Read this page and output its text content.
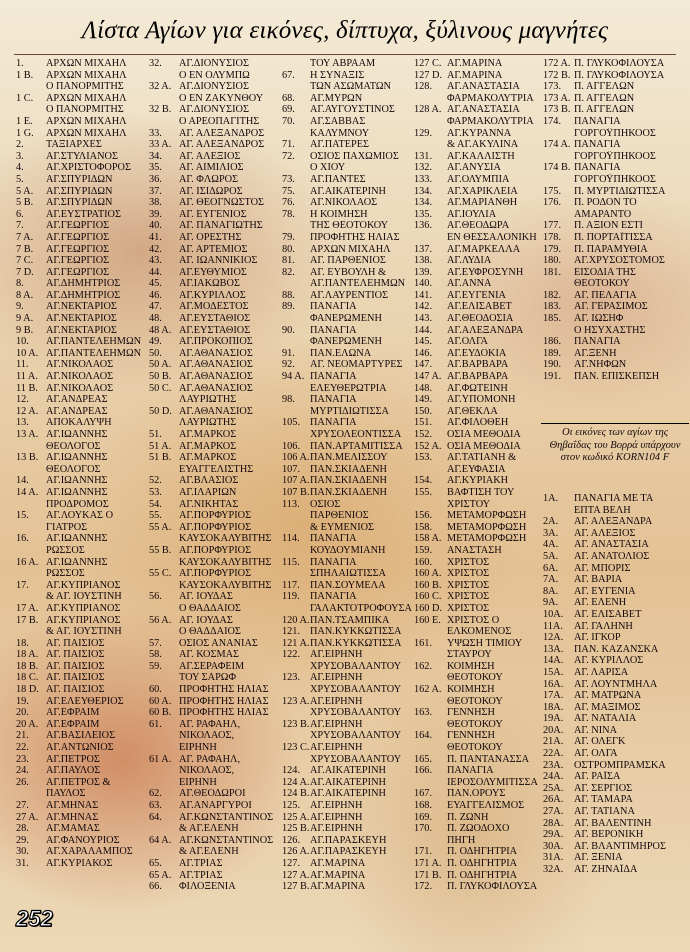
Λίστα Αγίων για εικόνες, δίπτυχα, ξύλινους μαγνήτες
1.	ΑΡΧΩΝ ΜΙΧΑΗΛ
1 B.	ΑΡΧΩΝ ΜΙΧΑΗΛ
Ο ΠΑΝΟΡΜΙΤΗΣ
1 C.	ΑΡΧΩΝ ΜΙΧΑΗΛ
Ο ΠΑΝΟΡΜΙΤΗΣ
1 E.	ΑΡΧΩΝ ΜΙΧΑΗΛ
1 G.	ΑΡΧΩΝ ΜΙΧΑΗΛ
2.	ΤΑΞΙΑΡΧΕΣ
3.	ΑΓ.ΣΤΥΛΙΑΝΟΣ
4.	ΑΓ.ΧΡΙΣΤΟΦΟΡΟΣ
5.	ΑΓ.ΣΠΥΡΙΔΩΝ
5 A.	ΑΓ.ΣΠΥΡΙΔΩΝ
5 B.	ΑΓ.ΣΠΥΡΙΔΩΝ
6.	ΑΓ.ΕΥΣΤΡΑΤΙΟΣ
7.	ΑΓ.ΓΕΩΡΓΙΟΣ
7 A.	ΑΓ.ΓΕΩΡΓΙΟΣ
7 B.	ΑΓ.ΓΕΩΡΓΙΟΣ
7 C.	ΑΓ.ΓΕΩΡΓΙΟΣ
7 D.	ΑΓ.ΓΕΩΡΓΙΟΣ
8.	ΑΓ.ΔΗΜΗΤΡΙΟΣ
8 A.	ΑΓ.ΔΗΜΗΤΡΙΟΣ
9.	ΑΓ.ΝΕΚΤΑΡΙΟΣ
9 A.	ΑΓ.ΝΕΚΤΑΡΙΟΣ
9 B.	ΑΓ.ΝΕΚΤΑΡΙΟΣ
10.	ΑΓ.ΠΑΝΤΕΛΕΗΜΩΝ
10 A. ΑΓ.ΠΑΝΤΕΛΕΗΜΩΝ
11.	ΑΓ.ΝΙΚΟΛΑΟΣ
11 A. ΑΓ.ΝΙΚΟΛΑΟΣ
11 B. ΑΓ.ΝΙΚΟΛΑΟΣ
12.	ΑΓ.ΑΝΔΡΕΑΣ
12 A. ΑΓ.ΑΝΔΡΕΑΣ
13.	ΑΠΟΚΑΛΥΨΗ
13 A. ΑΓ.ΙΩΑΝΝΗΣ
ΘΕΟΛΟΓΟΣ
13 B. ΑΓ.ΙΩΑΝΝΗΣ
ΘΕΟΛΟΓΟΣ
14.	ΑΓ.ΙΩΑΝΝΗΣ
14 A. ΑΓ.ΙΩΑΝΝΗΣ
ΠΡΟΔΡΟΜΟΣ
15.	ΑΓ.ΛΟΥΚΑΣ Ο
ΓΙΑΤΡΟΣ
16.	ΑΓ.ΙΩΑΝΝΗΣ
ΡΩΣΣΟΣ
16 A. ΑΓ.ΙΩΑΝΝΗΣ
ΡΩΣΣΟΣ
17.	ΑΓ.ΚΥΠΡΙΑΝΟΣ
& ΑΓ. ΙΟΥΣΤΙΝΗ
17 A. ΑΓ.ΚΥΠΡΙΑΝΟΣ
17 B. ΑΓ.ΚΥΠΡΙΑΝΟΣ
& ΑΓ. ΙΟΥΣΤΙΝΗ
18.	ΑΓ. ΠΑΙΣΙΟΣ
18 A. ΑΓ. ΠΑΙΣΙΟΣ
18 B. ΑΓ. ΠΑΙΣΙΟΣ
18 C. ΑΓ. ΠΑΙΣΙΟΣ
18 D. ΑΓ. ΠΑΙΣΙΟΣ
19.	ΑΓ.ΕΛΕΥΘΕΡΙΟΣ
20.	ΑΓ.ΕΦΡΑΙΜ
20 A. ΑΓ.ΕΦΡΑΙΜ
21.	ΑΓ.ΒΑΣΙΛΕΙΟΣ
22.	ΑΓ.ΑΝΤΩΝΙΟΣ
23.	ΑΓ.ΠΕΤΡΟΣ
24.	ΑΓ.ΠΑΥΛΟΣ
26.	ΑΓ.ΠΕΤΡΟΣ &
ΠΑΥΛΟΣ
27.	ΑΓ.ΜΗΝΑΣ
27 A. ΑΓ.ΜΗΝΑΣ
28.	ΑΓ.ΜΑΜΑΣ
29.	ΑΓ.ΦΑΝΟΥΡΙΟΣ
30.	ΑΓ.ΧΑΡΑΛΑΜΠΟΣ
31.	ΑΓ.ΚΥΡΙΑΚΟΣ
32.	ΑΓ.ΔΙΟΝΥΣΙΟΣ
Ο ΕΝ ΟΛΥΜΠΩ
32 A. ΑΓ.ΔΙΟΝΥΣΙΟΣ
Ο ΕΝ ΖΑΚΥΝΘΟΥ
32 B. ΑΓ.ΔΙΟΝΥΣΙΟΣ
Ο ΑΡΕΟΠΑΓΙΤΗΣ
33.	ΑΓ. ΑΛΕΞΑΝΔΡΟΣ
33 A. ΑΓ. ΑΛΕΞΑΝΔΡΟΣ
34.	ΑΓ. ΑΛΕΞΙΟΣ
35.	ΑΓ. ΑΙΜΙΛΙΟΣ
36.	ΑΓ. ΦΛΩΡΟΣ
37.	ΑΓ. ΙΣΙΔΩΡΟΣ
38.	ΑΓ. ΘΕΟΓΝΩΣΤΟΣ
39.	ΑΓ. ΕΥΓΕΝΙΟΣ
40.	ΑΓ. ΠΑΝΑΓΙΩΤΗΣ
41.	ΑΓ. ΟΡΕΣΤΗΣ
42.	ΑΓ. ΑΡΤΕΜΙΟΣ
43.	ΑΓ. ΙΩΑΝΝΙΚΙΟΣ
44.	ΑΓ.ΕΥΘΥΜΙΟΣ
45.	ΑΓ.ΙΑΚΩΒΟΣ
46.	ΑΓ.ΚΥΡΙΛΛΟΣ
47.	ΑΓ.ΜΟΔΕΣΤΟΣ
48.	ΑΓ.ΕΥΣΤΑΘΙΟΣ
48 A. ΑΓ.ΕΥΣΤΑΘΙΟΣ
49.	ΑΓ.ΠΡΟΚΟΠΙΟΣ
50.	ΑΓ.ΑΘΑΝΑΣΙΟΣ
50 A. ΑΓ.ΑΘΑΝΑΣΙΟΣ
50 B. ΑΓ.ΑΘΑΝΑΣΙΟΣ
50 C. ΑΓ.ΑΘΑΝΑΣΙΟΣ
ΛΑΥΡΙΩΤΗΣ
50 D. ΑΓ.ΑΘΑΝΑΣΙΟΣ
ΛΑΥΡΙΩΤΗΣ
51.	ΑΓ.ΜΑΡΚΟΣ
51 A. ΑΓ.ΜΑΡΚΟΣ
51 B. ΑΓ.ΜΑΡΚΟΣ
ΕΥΑΓΓΕΛΙΣΤΗΣ
52.	ΑΓ.ΒΛΑΣΙΟΣ
53.	ΑΓ.ΙΛΑΡΙΩΝ
54.	ΑΓ.ΝΙΚΗΤΑΣ
55.	ΑΓ.ΠΟΡΦΥΡΙΟΣ
55 A. ΑΓ.ΠΟΡΦΥΡΙΟΣ
ΚΑΥΣΟΚΑΛΥΒΙΤΗΣ
55 B. ΑΓ.ΠΟΡΦΥΡΙΟΣ
ΚΑΥΣΟΚΑΛΥΒΙΤΗΣ
55 C. ΑΓ.ΠΟΡΦΥΡΙΟΣ
ΚΑΥΣΟΚΑΛΥΒΙΤΗΣ
56.	ΑΓ. ΙΟΥΔΑΣ
Ο ΘΑΔΔΑΙΟΣ
56 A. ΑΓ. ΙΟΥΔΑΣ
Ο ΘΑΔΔΑΙΟΣ
57.	ΟΣΙΟΣ ΑΝΑΝΙΑΣ
58.	ΑΓ. ΚΟΣΜΑΣ
59.	ΑΓ.ΣΕΡΑΦΕΙΜ
ΤΟΥ ΣΑΡΩΦ
60.	ΠΡΟΦΗΤΗΣ ΗΛΙΑΣ
60 A. ΠΡΟΦΗΤΗΣ ΗΛΙΑΣ
60 B. ΠΡΟΦΗΤΗΣ ΗΛΙΑΣ
61.	ΑΓ. ΡΑΦΑΗΛ,
ΝΙΚΟΛΑΟΣ,
ΕΙΡΗΝΗ
61 A. ΑΓ. ΡΑΦΑΗΛ,
ΝΙΚΟΛΑΟΣ,
ΕΙΡΗΝΗ
62.	ΑΓ.ΘΕΟΔΩΡΟΙ
63.	ΑΓ.ΑΝΑΡΓΥΡΟΙ
64.	ΑΓ.ΚΩΝΣΤΑΝΤΙΝΟΣ
& ΑΓ.ΕΛΕΝΗ
64 A. ΑΓ.ΚΩΝΣΤΑΝΤΙΝΟΣ
& ΑΓ.ΕΛΕΝΗ
65.	ΑΓ.ΤΡΙΑΣ
65 A. ΑΓ.ΤΡΙΑΣ
66.	ΦΙΛΟΞΕΝΙΑ
ΤΟΥ ΑΒΡΑΑΜ
67.	Η ΣΥΝΑΞΙΣ
ΤΩΝ ΑΣΩΜΑΤΩΝ
68.	ΑΓ.ΜΥΡΩΝ
69.	ΑΓ.ΑΥΓΟΥΣΤΙΝΟΣ
70.	ΑΓ.ΣΑΒΒΑΣ
ΚΑΛΥΜΝΟΥ
71.	ΑΓ.ΠΑΤΕΡΕΣ
72.	ΟΣΙΟΣ ΠΑΧΩΜΙΟΣ
Ο ΧΙΟΥ
73.	ΑΓ.ΠΑΝΤΕΣ
75.	ΑΓ.ΑΙΚΑΤΕΡΙΝΗ
76.	ΑΓ.ΝΙΚΟΛΑΟΣ
78.	Η ΚΟΙΜΗΣΗ
ΤΗΣ ΘΕΟΤΟΚΟΥ
79.	ΠΡΟΦΗΤΗΣ ΗΛΙΑΣ
80.	ΑΡΧΩΝ ΜΙΧΑΗΛ
81.	ΑΓ. ΠΑΡΘΕΝΙΟΣ
82.	ΑΓ. ΕΥΒΟΥΛΗ &
ΑΓ.ΠΑΝΤΕΛΕΗΜΩΝ
88.	ΑΓ.ΛΑΥΡΕΝΤΙΟΣ
89.	ΠΑΝΑΓΙΑ
ΦΑΝΕΡΩΜΕΝΗ
90.	ΠΑΝΑΓΙΑ
ΦΑΝΕΡΩΜΕΝΗ
91.	ΠΑΝ.ΕΛΩΝΑ
92.	ΑΓ. ΝΕΟΜΑΡΤΥΡΕΣ
94 A. ΠΑΝΑΓΙΑ
ΕΛΕΥΘΕΡΩΤΡΙΑ
98.	ΠΑΝΑΓΙΑ
ΜΥΡΤΙΔΙΩΤΙΣΣΑ
105. ΠΑΝΑΓΙΑ
ΧΡΥΣΟΛΕΟΝΤΙΣΣΑ
106. ΠΑΝ.ΑΡΤΑΜΙΤΙΣΣΑ
106 A. ΠΑΝ.ΜΕΛΙΣΣΟΥ
107. ΠΑΝ.ΣΚΙΑΔΕΝΗ
107 A. ΠΑΝ.ΣΚΙΑΔΕΝΗ
107 B. ΠΑΝ.ΣΚΙΑΔΕΝΗ
113.	ΟΣΙΟΣ
ΠΑΡΘΕΝΙΟΣ
& ΕΥΜΕΝΙΟΣ
114.	ΠΑΝΑΓΙΑ
ΚΟΥΔΟΥΜΙΑΝΗ
115.	ΠΑΝΑΓΙΑ
ΣΠΗΛΑΙΩΤΙΣΣΑ
117.	ΠΑΝ.ΣΟΥΜΕΛΑ
119.	ΠΑΝΑΓΙΑ
ΓΑΛΑΚΤΟΤΡΟΦΟΥΣΑ
120 A. ΠΑΝ.ΤΣΑΜΠΙΚΑ
121. ΠΑΝ.ΚΥΚΚΩΤΙΣΣΑ
121 A. ΠΑΝ.ΚΥΚΚΩΤΙΣΣΑ
122. ΑΓ.ΕΙΡΗΝΗ
ΧΡΥΣΟΒΑΛΑΝΤΟΥ
123. ΑΓ.ΕΙΡΗΝΗ
ΧΡΥΣΟΒΑΛΑΝΤΟΥ
123 A. ΑΓ.ΕΙΡΗΝΗ
ΧΡΥΣΟΒΑΛΑΝΤΟΥ
123 B. ΑΓ.ΕΙΡΗΝΗ
ΧΡΥΣΟΒΑΛΑΝΤΟΥ
123 C. ΑΓ.ΕΙΡΗΝΗ
ΧΡΥΣΟΒΑΛΑΝΤΟΥ
124. ΑΓ.ΑΙΚΑΤΕΡΙΝΗ
124 A. ΑΓ.ΑΙΚΑΤΕΡΙΝΗ
124 B. ΑΓ.ΑΙΚΑΤΕΡΙΝΗ
125. ΑΓ.ΕΙΡΗΝΗ
125 A. ΑΓ.ΕΙΡΗΝΗ
125 B. ΑΓ.ΕΙΡΗΝΗ
126. ΑΓ.ΠΑΡΑΣΚΕΥΗ
126 A. ΑΓ.ΠΑΡΑΣΚΕΥΗ
127. ΑΓ.ΜΑΡΙΝΑ
127 A. ΑΓ.ΜΑΡΙΝΑ
127 B. ΑΓ.ΜΑΡΙΝΑ
127 C. ΑΓ.ΜΑΡΙΝΑ
127 D. ΑΓ.ΜΑΡΙΝΑ
128.	ΑΓ.ΑΝΑΣΤΑΣΙΑ
ΦΑΡΜΑΚΟΛΥΤΡΙΑ
128 A. ΑΓ.ΑΝΑΣΤΑΣΙΑ
ΦΑΡΜΑΚΟΛΥΤΡΙΑ
129.	ΑΓ.ΚΥΡΑΝΝΑ
& ΑΓ.ΑΚΥΛΙΝΑ
131.	ΑΓ.ΚΑΛΛΙΣΤΗ
132.	ΑΓ.ΑΝΥΣΙΑ
133.	ΑΓ.ΟΛΥΜΠΙΑ
134.	ΑΓ.ΧΑΡΙΚΛΕΙΑ
134.	ΑΓ.ΜΑΡΙΑΝΘΗ
135.	ΑΓ.ΙΟΥΛΙΑ
136.	ΑΓ.ΘΕΟΔΩΡΑ
ΕΝ ΘΕΣΣΑΛΟΝΙΚΗ
137.	ΑΓ.ΜΑΡΚΕΛΛΑ
138.	ΑΓ.ΛΥΔΙΑ
139.	ΑΓ.ΕΥΦΡΟΣΥΝΗ
140.	ΑΓ.ΑΝΝΑ
141.	ΑΓ.ΕΥΓΕΝΙΑ
142.	ΑΓ.ΕΛΙΣΑΒΕΤ
143.	ΑΓ.ΘΕΟΔΟΣΙΑ
144.	ΑΓ.ΑΛΕΞΑΝΔΡΑ
145.	ΑΓ.ΟΛΓΑ
146.	ΑΓ.ΕΥΔΟΚΙΑ
147.	ΑΓ.ΒΑΡΒΑΡΑ
147 A. ΑΓ.ΒΑΡΒΑΡΑ
148.	ΑΓ.ΦΩΤΕΙΝΗ
149.	ΑΓ.ΥΠΟΜΟΝΗ
150.	ΑΓ.ΘΕΚΛΑ
151.	ΑΓ.ΦΙΛΟΘΕΗ
152.	ΟΣΙΑ ΜΕΘΟΔΙΑ
152 A. ΟΣΙΑ ΜΕΘΟΔΙΑ
153.	ΑΓ.ΤΑΤΙΑΝΗ &
ΑΓ.ΕΥΦΑΣΙΑ
154.	ΑΓ.ΚΥΡΙΑΚΗ
155.	ΒΑΦΤΙΣΗ ΤΟΥ
ΧΡΙΣΤΟΥ
156.	ΜΕΤΑΜΟΡΦΩΣΗ
158.	ΜΕΤΑΜΟΡΦΩΣΗ
158 A. ΜΕΤΑΜΟΡΦΩΣΗ
159.	ΑΝΑΣΤΑΣΗ
160.	ΧΡΙΣΤΟΣ
160 A. ΧΡΙΣΤΟΣ
160 B. ΧΡΙΣΤΟΣ
160 C. ΧΡΙΣΤΟΣ
160 D. ΧΡΙΣΤΟΣ
160 E. ΧΡΙΣΤΟΣ Ο
ΕΛΚΟΜΕΝΟΣ
161.	ΥΨΩΣΗ ΤΙΜΙΟΥ
ΣΤΑΥΡΟΥ
162.	ΚΟΙΜΗΣΗ
ΘΕΟΤΟΚΟΥ
162 A. ΚΟΙΜΗΣΗ
ΘΕΟΤΟΚΟΥ
163.	ΓΕΝΝΗΣΗ
ΘΕΟΤΟΚΟΥ
164.	ΓΕΝΝΗΣΗ
ΘΕΟΤΟΚΟΥ
165.	Π. ΠΑΝΤΑΝΑΣΣΑ
166.	ΠΑΝΑΓΙΑ
ΙΕΡΟΣΟΛΥΜΙΤΙΣΣΑ
167.	ΠΑΝ.ΟΡΟΥΣ
168.	ΕΥΑΓΓΕΛΙΣΜΟΣ
169.	Π. ΖΩΝΗ
170.	Π. ΖΩΟΔΟΧΟ
ΠΗΓΗ
171.	Π. ΟΔΗΓΗΤΡΙΑ
171 A. Π. ΟΔΗΓΗΤΡΙΑ
171 B. Π. ΟΔΗΓΗΤΡΙΑ
172.	Π. ΓΛΥΚΟΦΙΛΟΥΣΑ
172 A. Π. ΓΛΥΚΟΦΙΛΟΥΣΑ
172 B. Π. ΓΛΥΚΟΦΙΛΟΥΣΑ
173.	Π. ΑΓΓΕΛΩΝ
173 A. Π. ΑΓΓΕΛΩΝ
173 B. Π. ΑΓΓΕΛΩΝ
174.	ΠΑΝΑΓΙΑ
ΓΟΡΓΟΫΠΗΚΟΟΣ
174 A. ΠΑΝΑΓΙΑ
ΓΟΡΓΟΫΠΗΚΟΟΣ
174 B. ΠΑΝΑΓΙΑ
ΓΟΡΓΟΫΠΗΚΟΟΣ
175.	Π. ΜΥΡΤΙΔΙΩΤΙΣΣΑ
176.	Π. ΡΟΔΟΝ ΤΟ
ΑΜΑΡΑΝΤΟ
177.	Π. ΑΞΙΟΝ ΕΣΤΙ
178.	Π. ΠΟΡΤΑΪΤΙΣΣΑ
179.	Π. ΠΑΡΑΜΥΘΙΑ
180.	ΑΓ.ΧΡΥΣΟΣΤΟΜΟΣ
181.	ΕΙΣΟΔΙΑ ΤΗΣ
ΘΕΟΤΟΚΟΥ
182.	ΑΓ. ΠΕΛΑΓΙΑ
183.	ΑΓ. ΓΕΡΑΣΙΜΟΣ
185.	ΑΓ. ΙΩΣΗΦ
Ο ΗΣΥΧΑΣΤΗΣ
186.	ΠΑΝΑΓΙΑ
189.	ΑΓ.ΞΕΝΗ
190.	ΑΓ.ΝΗΦΩΝ
191.	ΠΑΝ. ΕΠΙΣΚΕΠΣΗ
Οι εικόνες των αγίων της Θηβαΐδας του Βορρά υπάρχουν στον κωδικό KORN104 F
1A.	ΠΑΝΑΓΙΑ ΜΕ ΤΑ
ΕΠΤΑ ΒΕΛΗ
2A.	ΑΓ. ΑΛΕΞΑΝΔΡΑ
3A.	ΑΓ. ΑΛΕΞΙΟΣ
4A.	ΑΓ. ΑΝΑΣΤΑΣΙΑ
5A.	ΑΓ. ΑΝΑΤΟΛΙΟΣ
6A.	ΑΓ. ΜΠΟΡΙΣ
7A.	ΑΓ. ΒΑΡΙΑ
8A.	ΑΓ. ΕΥΓΕΝΙΑ
9A.	ΑΓ. ΕΛΕΝΗ
10A.	ΑΓ. ΕΛΙΣΑΒΕΤ
11A.	ΑΓ. ΓΑΛΗΝΗ
12A.	ΑΓ. ΙΓΚΟΡ
13A.	ΠΑΝ. ΚΑΖΑΝΣΚΑ
14A.	ΑΓ. ΚΥΡΙΛΛΟΣ
15A.	ΑΓ. ΛΑΡΙΣΑ
16A.	ΑΓ. ΛΟΥΝΤΜΗΛΑ
17A.	ΑΓ. ΜΑΤΡΩΝΑ
18A.	ΑΓ. ΜΑΞΙΜΟΣ
19A.	ΑΓ. ΝΑΤΑΛΙΑ
20A.	ΑΓ. ΝΙΝΑ
21A.	ΑΓ. ΟΛΕΓΚ
22A.	ΑΓ. ΟΛΓΑ
23A.	ΟΣΤΡΟΜΠΡΑΜΣΚΑ
24A.	ΑΓ. ΡΑΪΣΑ
25A.	ΑΓ. ΣΕΡΓΙΟΣ
26A.	ΑΓ. ΤΑΜΑΡΑ
27A.	ΑΓ. ΤΑΤΙΑΝΑ
28A.	ΑΓ. ΒΑΛΕΝΤΙΝΗ
29A.	ΑΓ. ΒΕΡΟΝΙΚΗ
30A.	ΑΓ. ΒΛΑΝΤΙΜΗΡΟΣ
31A.	ΑΓ. ΞΕΝΙΑ
32A.	ΑΓ. ΖΗΝΑΪΔΑ
252
